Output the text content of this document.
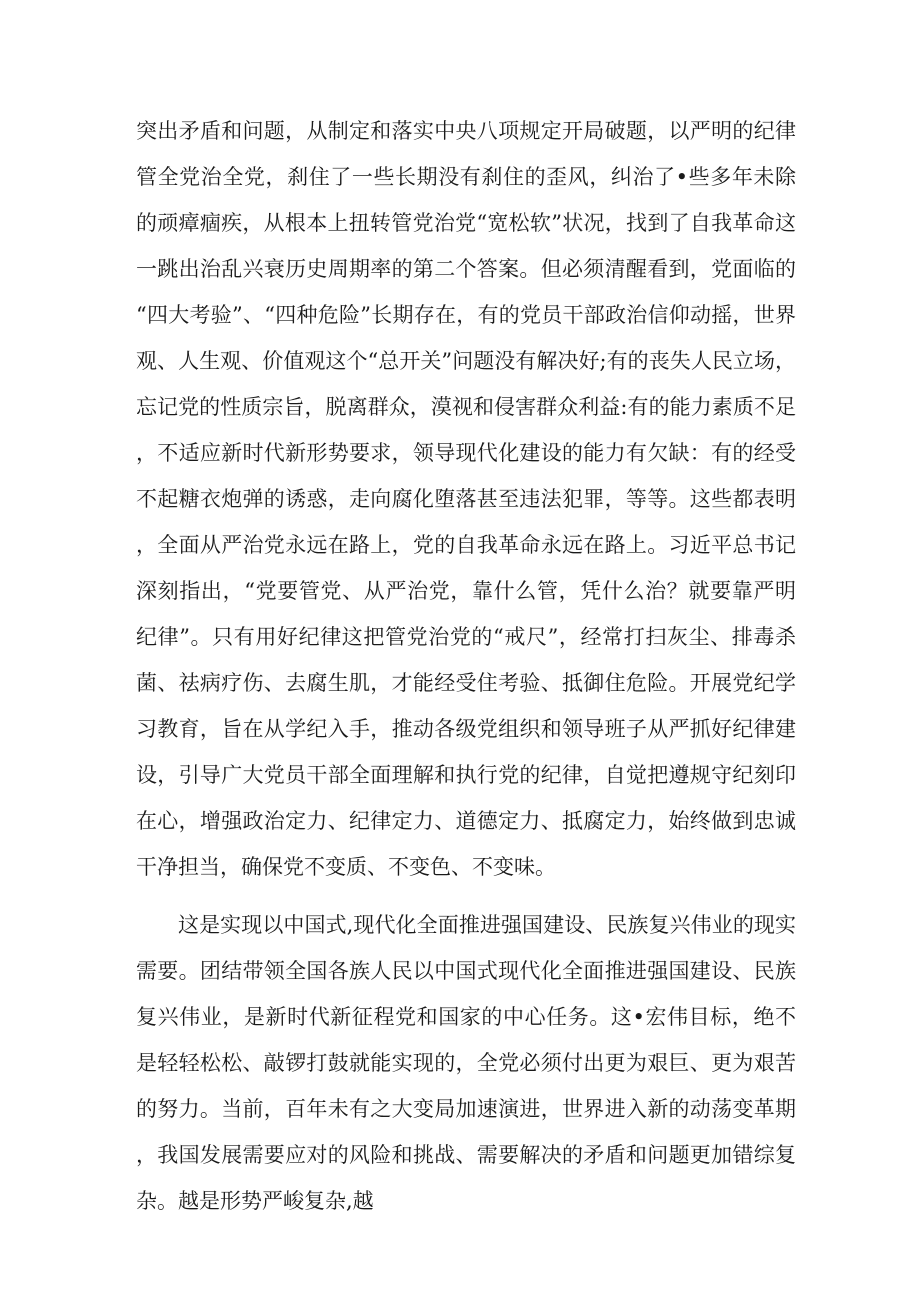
突出矛盾和问题，从制定和落实中央八项规定开局破题，以严明的纪律管全党治全党，刹住了一些长期没有刹住的歪风，纠治了•些多年未除的顽瘴痼疾，从根本上扭转管党治党“宽松软”状况，找到了自我革命这一跳出治乱兴衰历史周期率的第二个答案。但必须清醒看到，党面临的“四大考验”、“四种危险”长期存在，有的党员干部政治信仰动摇，世界观、人生观、价值观这个“总开关”问题没有解决好;有的丧失人民立场，忘记党的性质宗旨，脱离群众，漠视和侵害群众利益:有的能力素质不足，不适应新时代新形势要求，领导现代化建设的能力有欠缺：有的经受不起糖衣炮弹的诱惑，走向腐化堕落甚至违法犯罪，等等。这些都表明，全面从严治党永远在路上，党的自我革命永远在路上。习近平总书记深刻指出，“党要管党、从严治党，靠什么管，凭什么治？就要靠严明纪律”。只有用好纪律这把管党治党的“戒尺”，经常打扫灰尘、排毒杀菌、祛病疗伤、去腐生肌，才能经受住考验、抵御住危险。开展党纪学习教育，旨在从学纪入手，推动各级党组织和领导班子从严抓好纪律建设，引导广大党员干部全面理解和执行党的纪律，自觉把遵规守纪刻印在心，增强政治定力、纪律定力、道德定力、抵腐定力，始终做到忠诚干净担当，确保党不变质、不变色、不变味。

这是实现以中国式,现代化全面推进强国建设、民族复兴伟业的现实需要。团结带领全国各族人民以中国式现代化全面推进强国建设、民族复兴伟业，是新时代新征程党和国家的中心任务。这•宏伟目标，绝不是轻轻松松、敲锣打鼓就能实现的，全党必须付出更为艰巨、更为艰苦的努力。当前，百年未有之大变局加速演进，世界进入新的动荡变革期，我国发展需要应对的风险和挑战、需要解决的矛盾和问题更加错综复杂。越是形势严峻复杂,越
